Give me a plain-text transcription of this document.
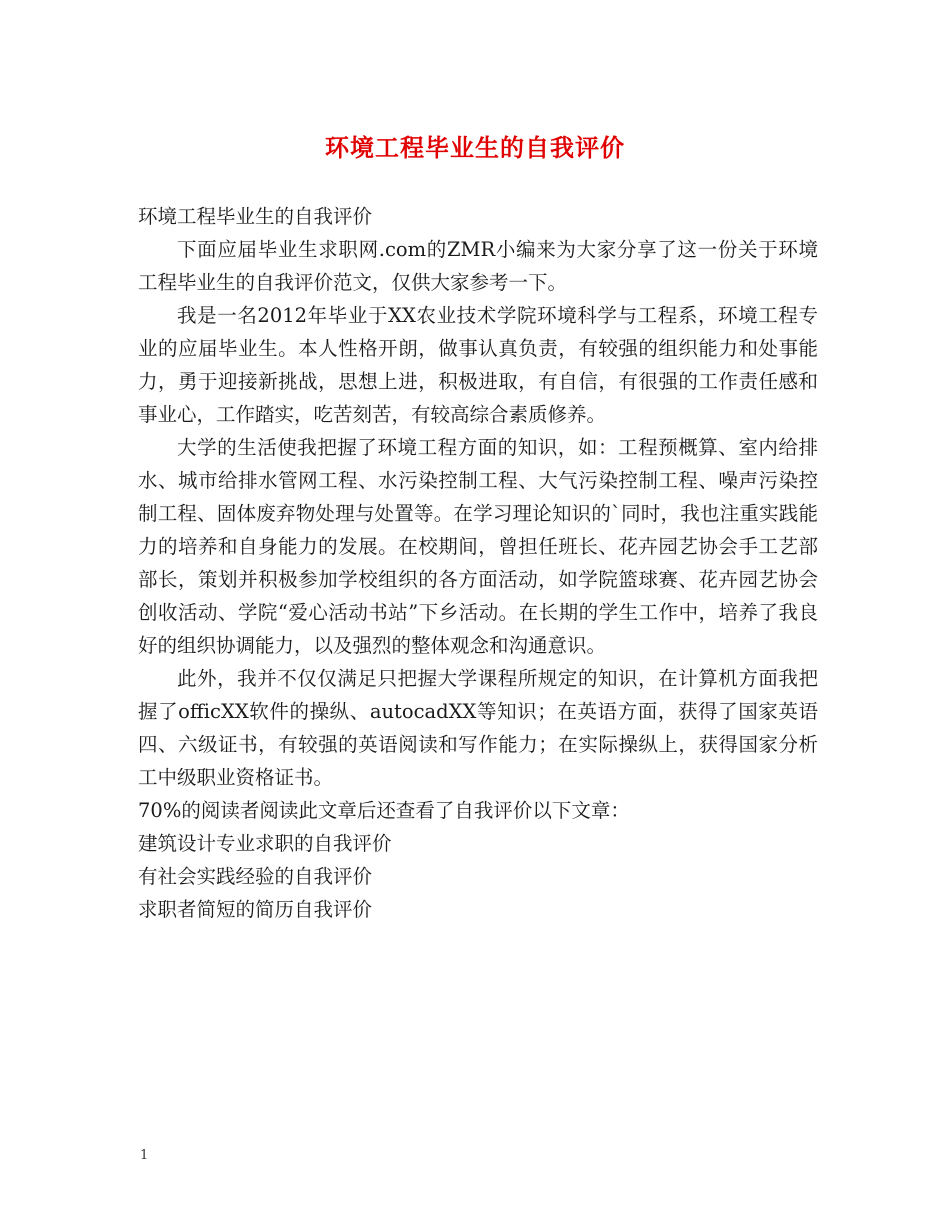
环境工程毕业生的自我评价

环境工程毕业生的自我评价

下面应届毕业生求职网.com的ZMR小编来为大家分享了这一份关于环境工程毕业生的自我评价范文，仅供大家参考一下。

我是一名2012年毕业于XX农业技术学院环境科学与工程系，环境工程专业的应届毕业生。本人性格开朗，做事认真负责，有较强的组织能力和处事能力，勇于迎接新挑战，思想上进，积极进取，有自信，有很强的工作责任感和事业心，工作踏实，吃苦刻苦，有较高综合素质修养。

大学的生活使我把握了环境工程方面的知识，如：工程预概算、室内给排水、城市给排水管网工程、水污染控制工程、大气污染控制工程、噪声污染控制工程、固体废弃物处理与处置等。在学习理论知识的`同时，我也注重实践能力的培养和自身能力的发展。在校期间，曾担任班长、花卉园艺协会手工艺部部长，策划并积极参加学校组织的各方面活动，如学院篮球赛、花卉园艺协会创收活动、学院“爱心活动书站”下乡活动。在长期的学生工作中，培养了我良好的组织协调能力，以及强烈的整体观念和沟通意识。

此外，我并不仅仅满足只把握大学课程所规定的知识，在计算机方面我把握了officXX软件的操纵、autocadXX等知识；在英语方面，获得了国家英语四、六级证书，有较强的英语阅读和写作能力；在实际操纵上，获得国家分析工中级职业资格证书。

70%的阅读者阅读此文章后还查看了自我评价以下文章：

建筑设计专业求职的自我评价

有社会实践经验的自我评价

求职者简短的简历自我评价

1
